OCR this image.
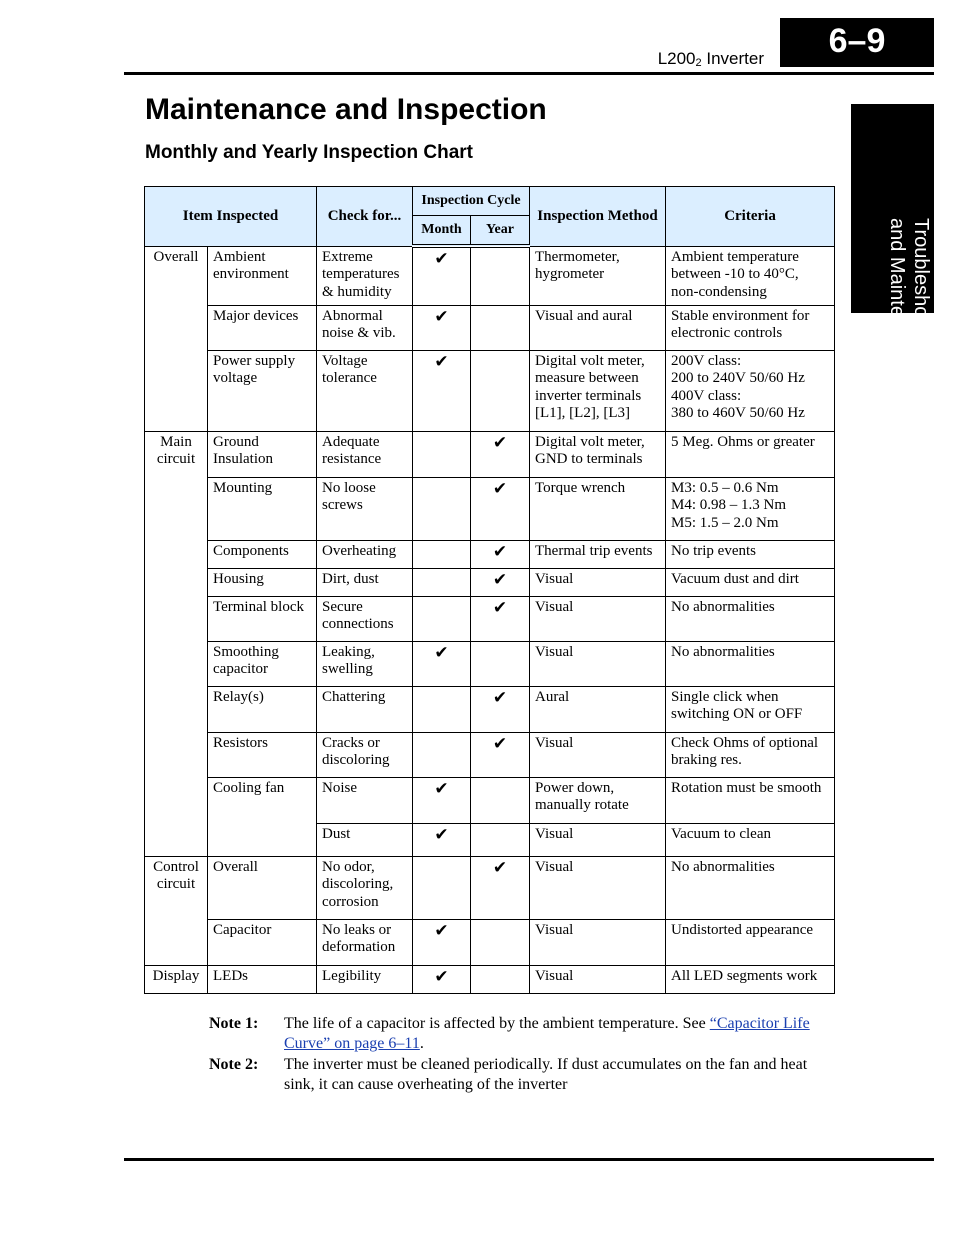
$L200_2$ Inverter	6–9
Troubleshooting
and Maintenance
Maintenance and Inspection
Monthly and Yearly Inspection Chart
Item Inspected		Check for...	Inspection Cycle		Inspection Method	Criteria
			Month	Year		
Overall	Ambient environment	Extreme temperatures & humidity	✔		Thermometer, hygrometer	Ambient temperature between -10 to 40°C, non-condensing
	Major devices	Abnormal noise & vib.	✔		Visual and aural	Stable environment for electronic controls
	Power supply voltage	Voltage tolerance	✔		Digital volt meter, measure between inverter terminals [L1], [L2], [L3]	200V class:
200 to 240V 50/60 Hz
400V class:
380 to 460V 50/60 Hz
Main circuit	Ground Insulation	Adequate resistance		✔	Digital volt meter, GND to terminals	5 Meg. Ohms or greater
	Mounting	No loose screws		✔	Torque wrench	M3: 0.5 – 0.6 Nm
M4: 0.98 – 1.3 Nm
M5: 1.5 – 2.0 Nm
	Components	Overheating		✔	Thermal trip events	No trip events
	Housing	Dirt, dust		✔	Visual	Vacuum dust and dirt
	Terminal block	Secure connections		✔	Visual	No abnormalities
	Smoothing capacitor	Leaking, swelling	✔		Visual	No abnormalities
	Relay(s)	Chattering		✔	Aural	Single click when switching ON or OFF
	Resistors	Cracks or discoloring		✔	Visual	Check Ohms of optional braking res.
	Cooling fan	Noise	✔		Power down, manually rotate	Rotation must be smooth
		Dust	✔		Visual	Vacuum to clean
Control circuit	Overall	No odor, discoloring, corrosion		✔	Visual	No abnormalities
	Capacitor	No leaks or deformation	✔		Visual	Undistorted appearance
Display	LEDs	Legibility	✔		Visual	All LED segments work
Note 1:	The life of a capacitor is affected by the ambient temperature. See “Capacitor Life Curve” on page 6–11.
Note 2:	The inverter must be cleaned periodically. If dust accumulates on the fan and heat sink, it can cause overheating of the inverter
